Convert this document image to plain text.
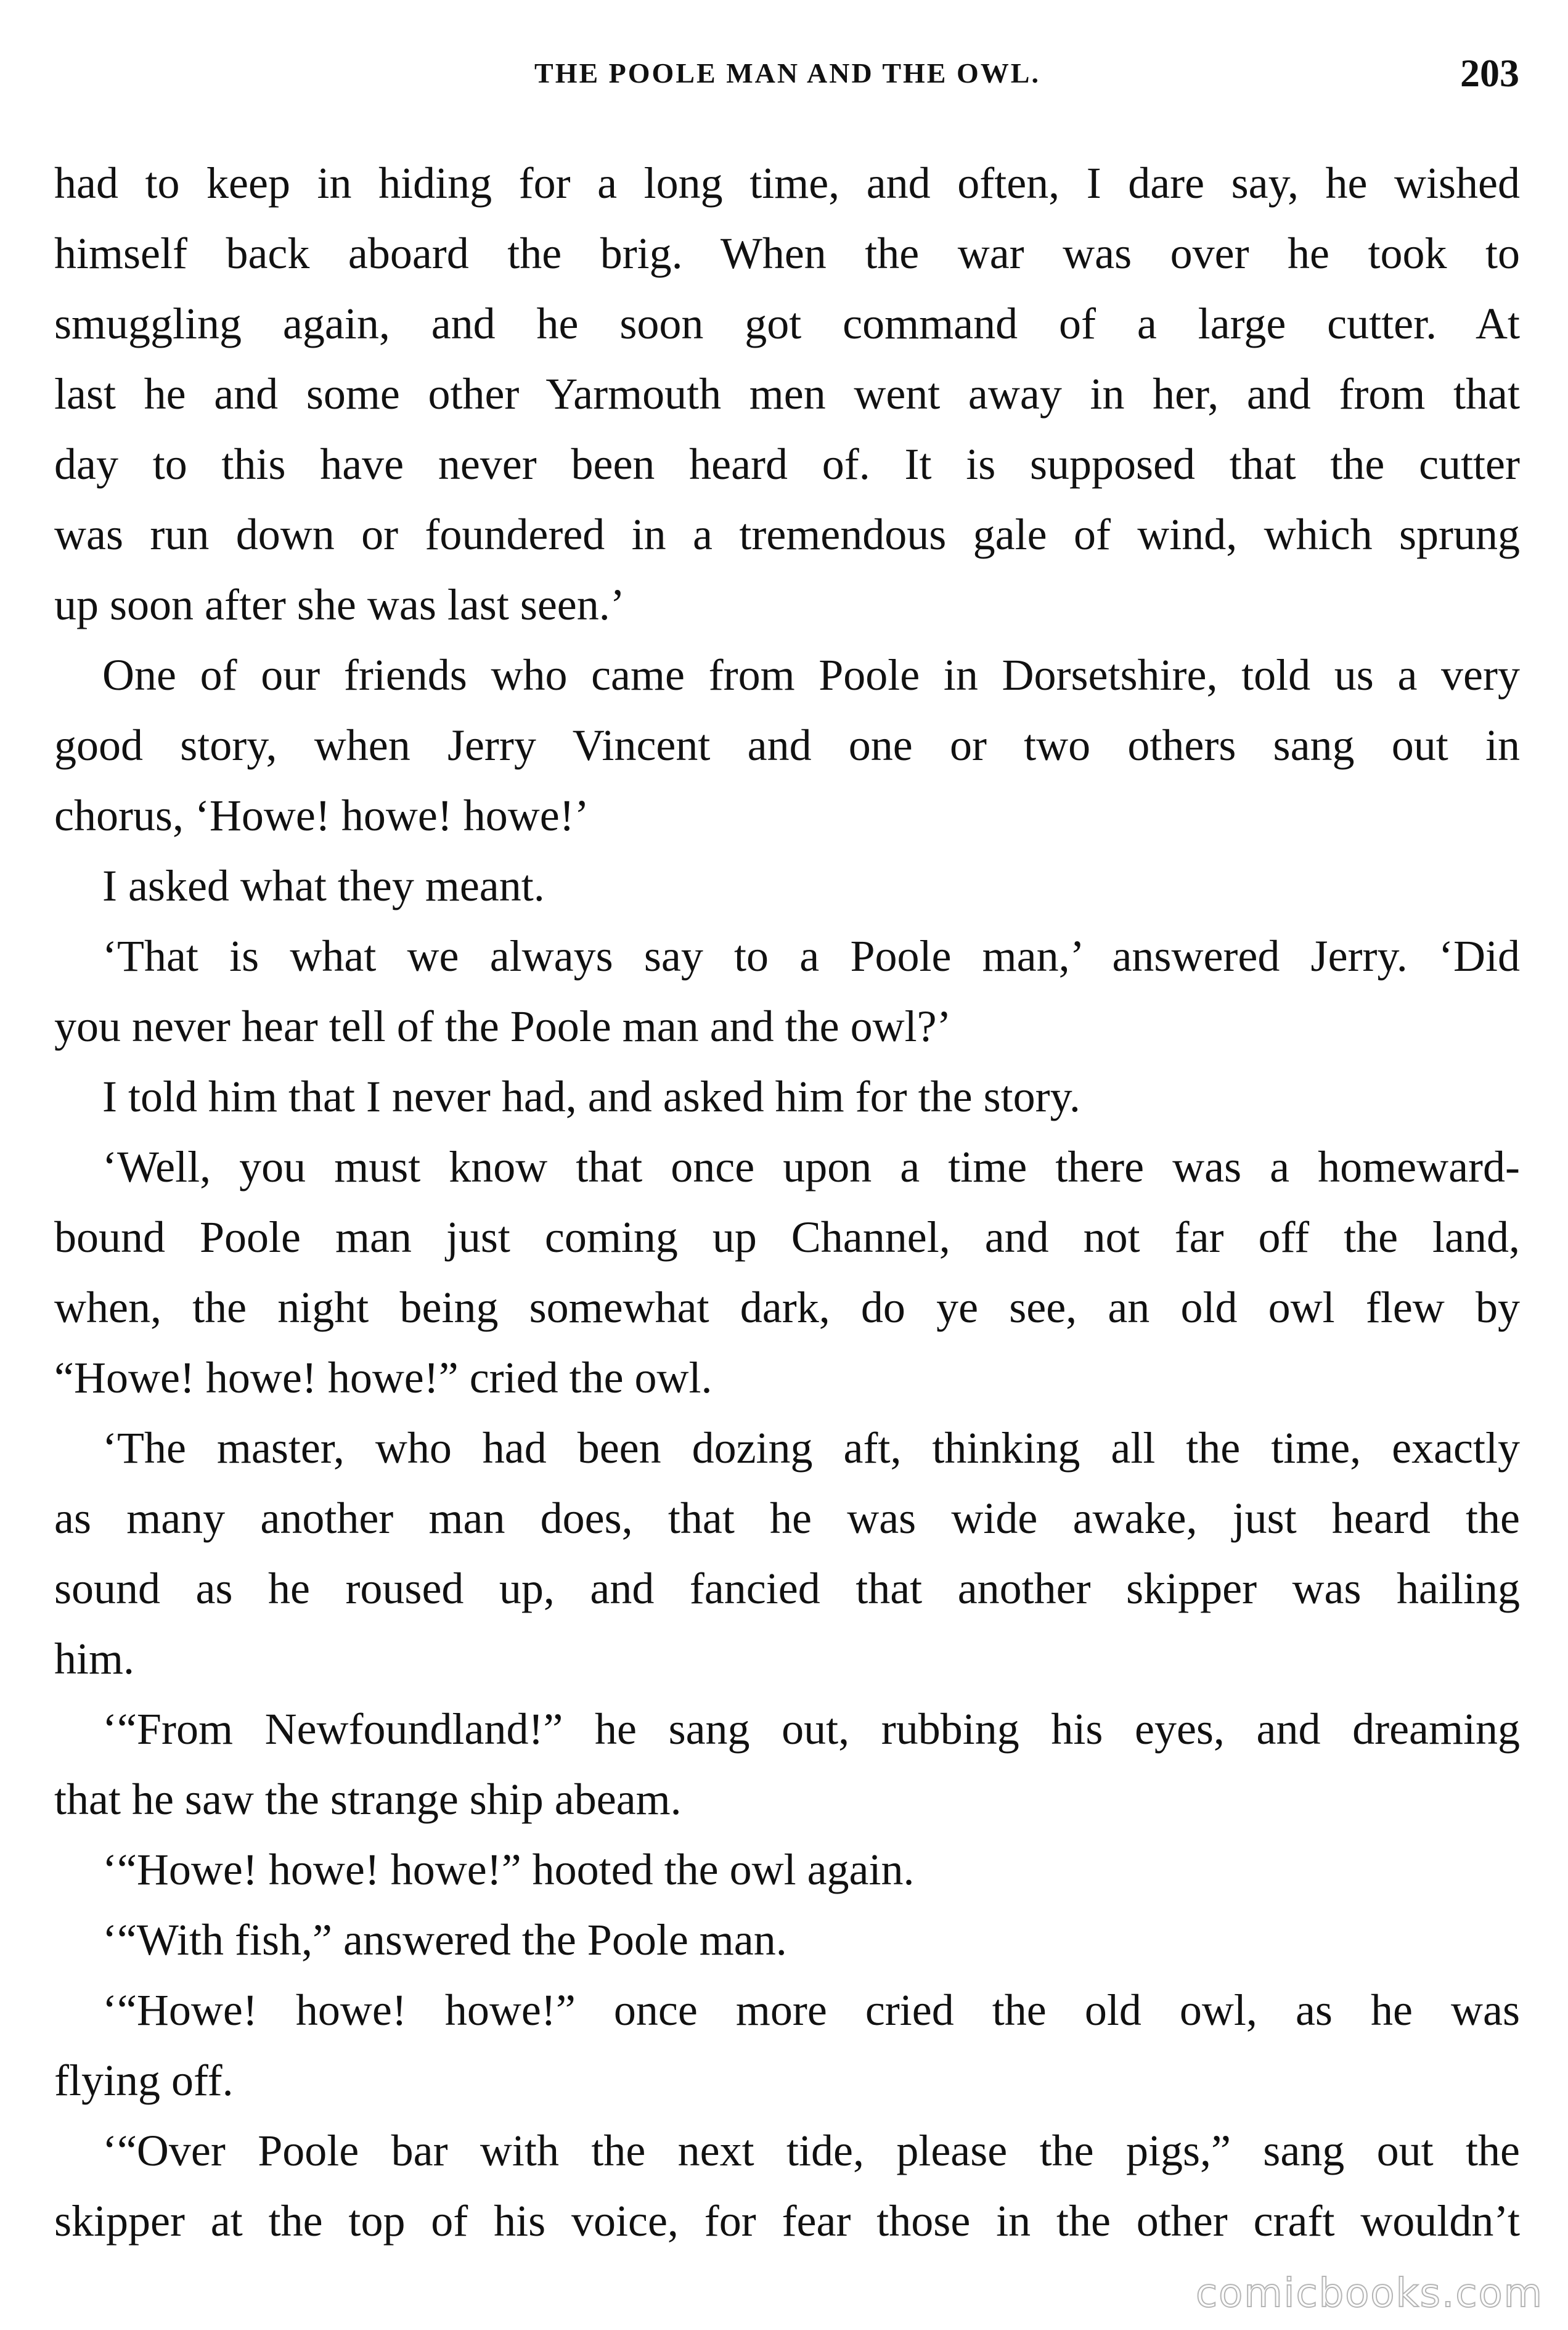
THE POOLE MAN AND THE OWL.	203
had to keep in hiding for a long time, and often, I dare say, he wished
himself back aboard the brig. When the war was over he took to
smuggling again, and he soon got command of a large cutter. At
last he and some other Yarmouth men went away in her, and from that
day to this have never been heard of. It is supposed that the cutter
was run down or foundered in a tremendous gale of wind, which sprung
up soon after she was last seen.’
One of our friends who came from Poole in Dorsetshire, told us a very
good story, when Jerry Vincent and one or two others sang out in
chorus, ‘Howe! howe! howe!’
I asked what they meant.
‘That is what we always say to a Poole man,’ answered Jerry. ‘Did
you never hear tell of the Poole man and the owl?’
I told him that I never had, and asked him for the story.
‘Well, you must know that once upon a time there was a homeward-
bound Poole man just coming up Channel, and not far off the land,
when, the night being somewhat dark, do ye see, an old owl flew by
“Howe! howe! howe!” cried the owl.
‘The master, who had been dozing aft, thinking all the time, exactly
as many another man does, that he was wide awake, just heard the
sound as he roused up, and fancied that another skipper was hailing
him.
‘“From Newfoundland!” he sang out, rubbing his eyes, and dreaming
that he saw the strange ship abeam.
‘“Howe! howe! howe!” hooted the owl again.
‘“With fish,” answered the Poole man.
‘“Howe! howe! howe!” once more cried the old owl, as he was
flying off.
‘“Over Poole bar with the next tide, please the pigs,” sang out the
skipper at the top of his voice, for fear those in the other craft wouldn’t
comicbooks.com
